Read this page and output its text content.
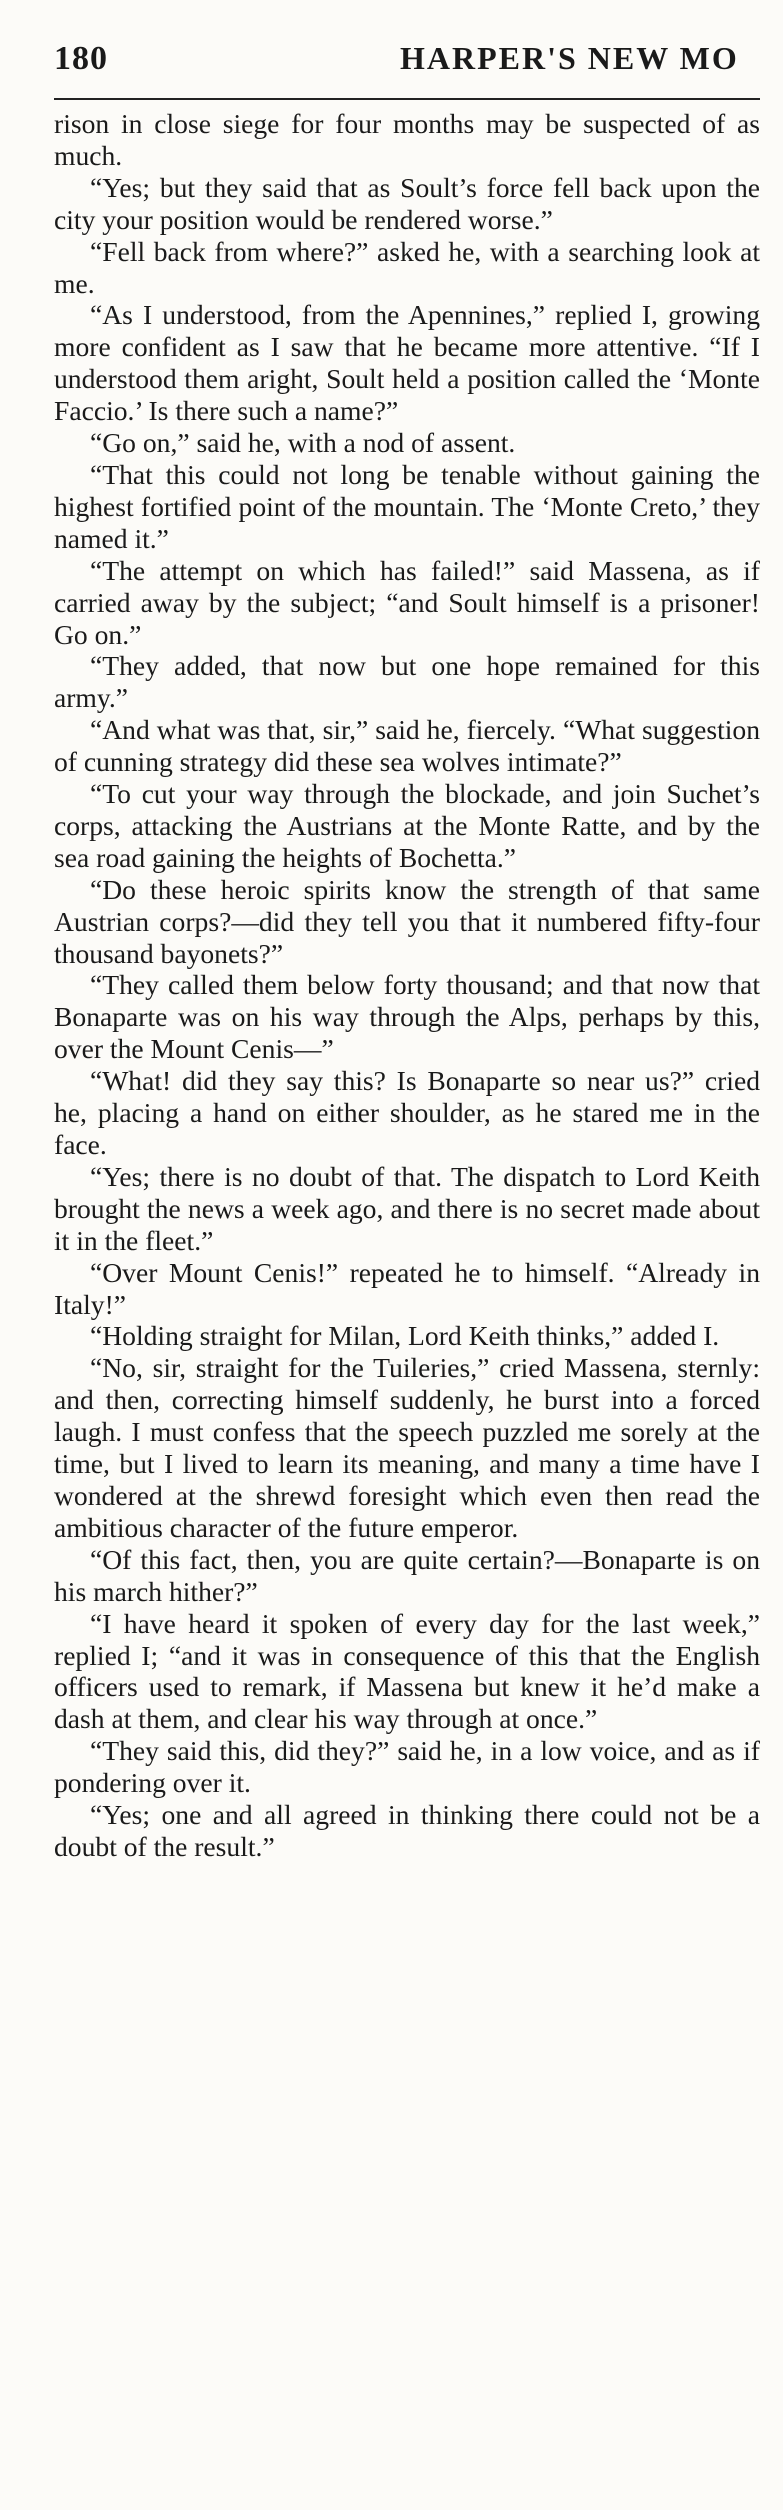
180	HARPER'S NEW MO

rison in close siege for four months may be suspected of as much.

“Yes; but they said that as Soult’s force fell back upon the city your position would be rendered worse.”

“Fell back from where?” asked he, with a searching look at me.

“As I understood, from the Apennines,” replied I, growing more confident as I saw that he became more attentive. “If I understood them aright, Soult held a position called the ‘Monte Faccio.’ Is there such a name?”

“Go on,” said he, with a nod of assent.

“That this could not long be tenable without gaining the highest fortified point of the mountain. The ‘Monte Creto,’ they named it.”

“The attempt on which has failed!” said Massena, as if carried away by the subject; “and Soult himself is a prisoner! Go on.”

“They added, that now but one hope remained for this army.”

“And what was that, sir,” said he, fiercely. “What suggestion of cunning strategy did these sea wolves intimate?”

“To cut your way through the blockade, and join Suchet’s corps, attacking the Austrians at the Monte Ratte, and by the sea road gaining the heights of Bochetta.”

“Do these heroic spirits know the strength of that same Austrian corps?—did they tell you that it numbered fifty-four thousand bayonets?”

“They called them below forty thousand; and that now that Bonaparte was on his way through the Alps, perhaps by this, over the Mount Cenis—”

“What! did they say this? Is Bonaparte so near us?” cried he, placing a hand on either shoulder, as he stared me in the face.

“Yes; there is no doubt of that. The dispatch to Lord Keith brought the news a week ago, and there is no secret made about it in the fleet.”

“Over Mount Cenis!” repeated he to himself. “Already in Italy!”

“Holding straight for Milan, Lord Keith thinks,” added I.

“No, sir, straight for the Tuileries,” cried Massena, sternly: and then, correcting himself suddenly, he burst into a forced laugh. I must confess that the speech puzzled me sorely at the time, but I lived to learn its meaning, and many a time have I wondered at the shrewd foresight which even then read the ambitious character of the future emperor.

“Of this fact, then, you are quite certain?—Bonaparte is on his march hither?”

“I have heard it spoken of every day for the last week,” replied I; “and it was in consequence of this that the English officers used to remark, if Massena but knew it he’d make a dash at them, and clear his way through at once.”

“They said this, did they?” said he, in a low voice, and as if pondering over it.

“Yes; one and all agreed in thinking there could not be a doubt of the result.”
